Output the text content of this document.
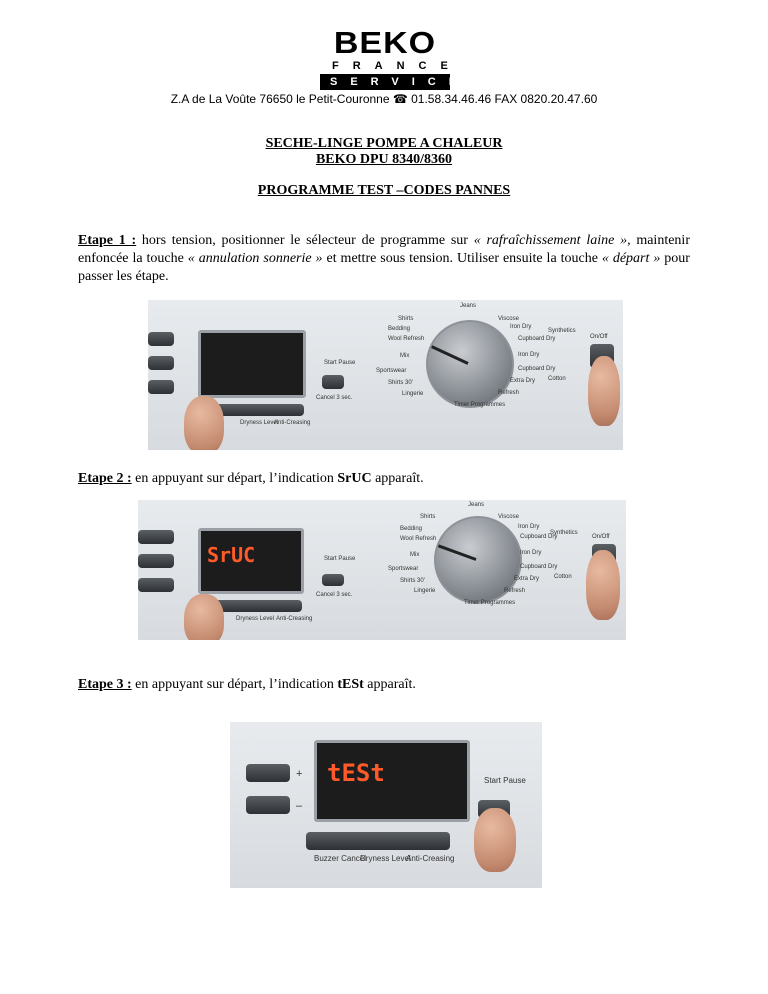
BEKO
FRANCE
SERVICES
Z.A de La Voûte 76650 le Petit-Couronne ☎ 01.58.34.46.46 FAX 0820.20.47.60
SECHE-LINGE POMPE A CHALEUR
BEKO DPU 8340/8360
PROGRAMME TEST –CODES PANNES
Etape 1 : hors tension, positionner le sélecteur de programme sur « rafraîchissement laine », maintenir enfoncée la touche « annulation sonnerie » et mettre sous tension. Utiliser ensuite la touche « départ » pour passer les étape.
Start Pause
Cancel 3 sec.
Dryness Level
Anti-Creasing
Jeans
Shirts	Viscose
Bedding	Iron Dry
Synthetics
Wool Refresh	Cupboard Dry
Mix	Iron Dry
Sportswear	Cupboard Dry
Shirts 30'	Extra Dry Cotton
Lingerie	Refresh
Timer Programmes
On/Off
Etape 2 : en appuyant sur départ, l’indication SrUC apparaît.
SrUC	Start Pause
Cancel 3 sec.
Dryness Level Anti-Creasing
Jeans
Shirts	Viscose
Bedding	Iron Dry
Synthetics
Wool Refresh	Cupboard Dry
Mix	Iron Dry
Sportswear	Cupboard Dry
Shirts 30'	Extra Dry Cotton
Lingerie	Refresh
Timer Programmes
On/Off
Etape 3 : en appuyant sur départ, l’indication tESt apparaît.
+
–
tESt	Start Pause
Buzzer Cancel
Dryness Level
Anti-Creasing
